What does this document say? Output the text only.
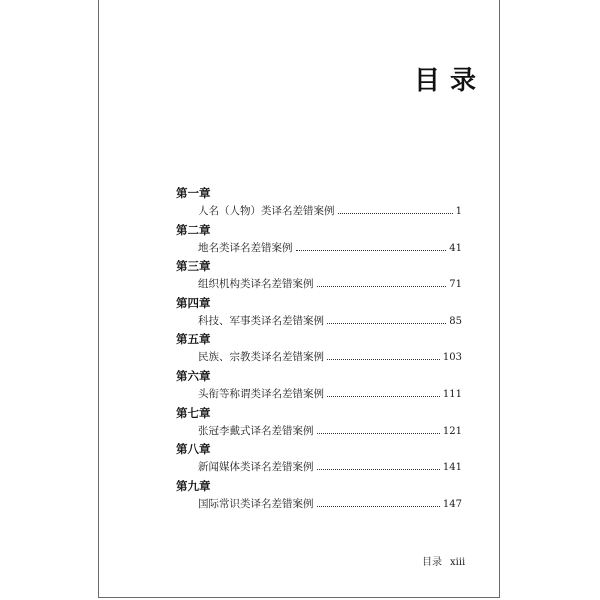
目录
第一章
人名（人物）类译名差错案例	1
第二章
地名类译名差错案例	41
第三章
组织机构类译名差错案例	71
第四章
科技、军事类译名差错案例	85
第五章
民族、宗教类译名差错案例	103
第六章
头衔等称谓类译名差错案例	111
第七章
张冠李戴式译名差错案例	121
第八章
新闻媒体类译名差错案例	141
第九章
国际常识类译名差错案例	147
目录 xiii
